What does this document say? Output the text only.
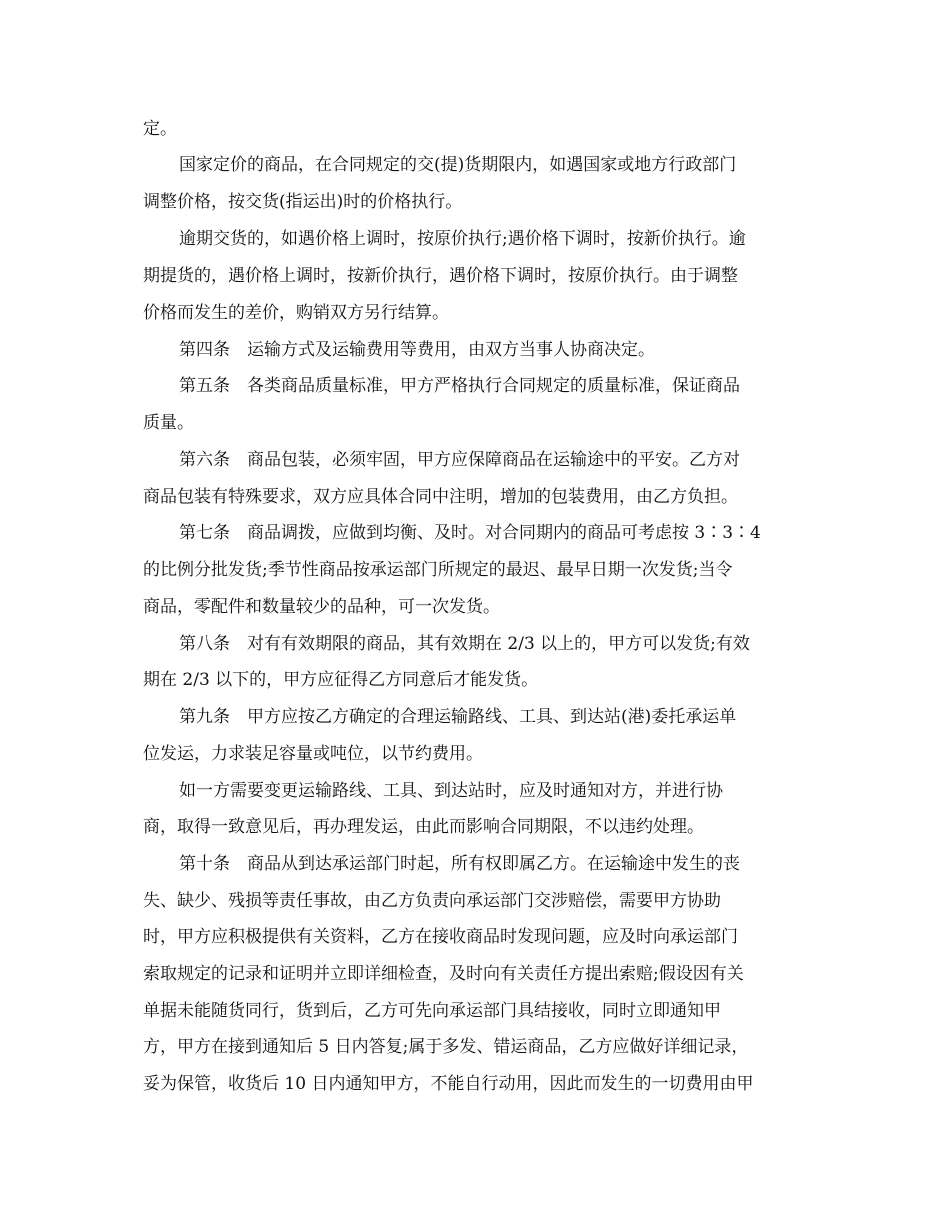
定。
国家定价的商品，在合同规定的交(提)货期限内，如遇国家或地方行政部门
调整价格，按交货(指运出)时的价格执行。
逾期交货的，如遇价格上调时，按原价执行;遇价格下调时，按新价执行。逾
期提货的，遇价格上调时，按新价执行，遇价格下调时，按原价执行。由于调整
价格而发生的差价，购销双方另行结算。
第四条　运输方式及运输费用等费用，由双方当事人协商决定。
第五条　各类商品质量标准，甲方严格执行合同规定的质量标准，保证商品
质量。
第六条　商品包装，必须牢固，甲方应保障商品在运输途中的平安。乙方对
商品包装有特殊要求，双方应具体合同中注明，增加的包装费用，由乙方负担。
第七条　商品调拨，应做到均衡、及时。对合同期内的商品可考虑按 3∶3∶4
的比例分批发货;季节性商品按承运部门所规定的最迟、最早日期一次发货;当令
商品，零配件和数量较少的品种，可一次发货。
第八条　对有有效期限的商品，其有效期在 2/3 以上的，甲方可以发货;有效
期在 2/3 以下的，甲方应征得乙方同意后才能发货。
第九条　甲方应按乙方确定的合理运输路线、工具、到达站(港)委托承运单
位发运，力求装足容量或吨位，以节约费用。
如一方需要变更运输路线、工具、到达站时，应及时通知对方，并进行协
商，取得一致意见后，再办理发运，由此而影响合同期限，不以违约处理。
第十条　商品从到达承运部门时起，所有权即属乙方。在运输途中发生的丧
失、缺少、残损等责任事故，由乙方负责向承运部门交涉赔偿，需要甲方协助
时，甲方应积极提供有关资料，乙方在接收商品时发现问题，应及时向承运部门
索取规定的记录和证明并立即详细检查，及时向有关责任方提出索赔;假设因有关
单据未能随货同行，货到后，乙方可先向承运部门具结接收，同时立即通知甲
方，甲方在接到通知后 5 日内答复;属于多发、错运商品，乙方应做好详细记录，
妥为保管，收货后 10 日内通知甲方，不能自行动用，因此而发生的一切费用由甲
